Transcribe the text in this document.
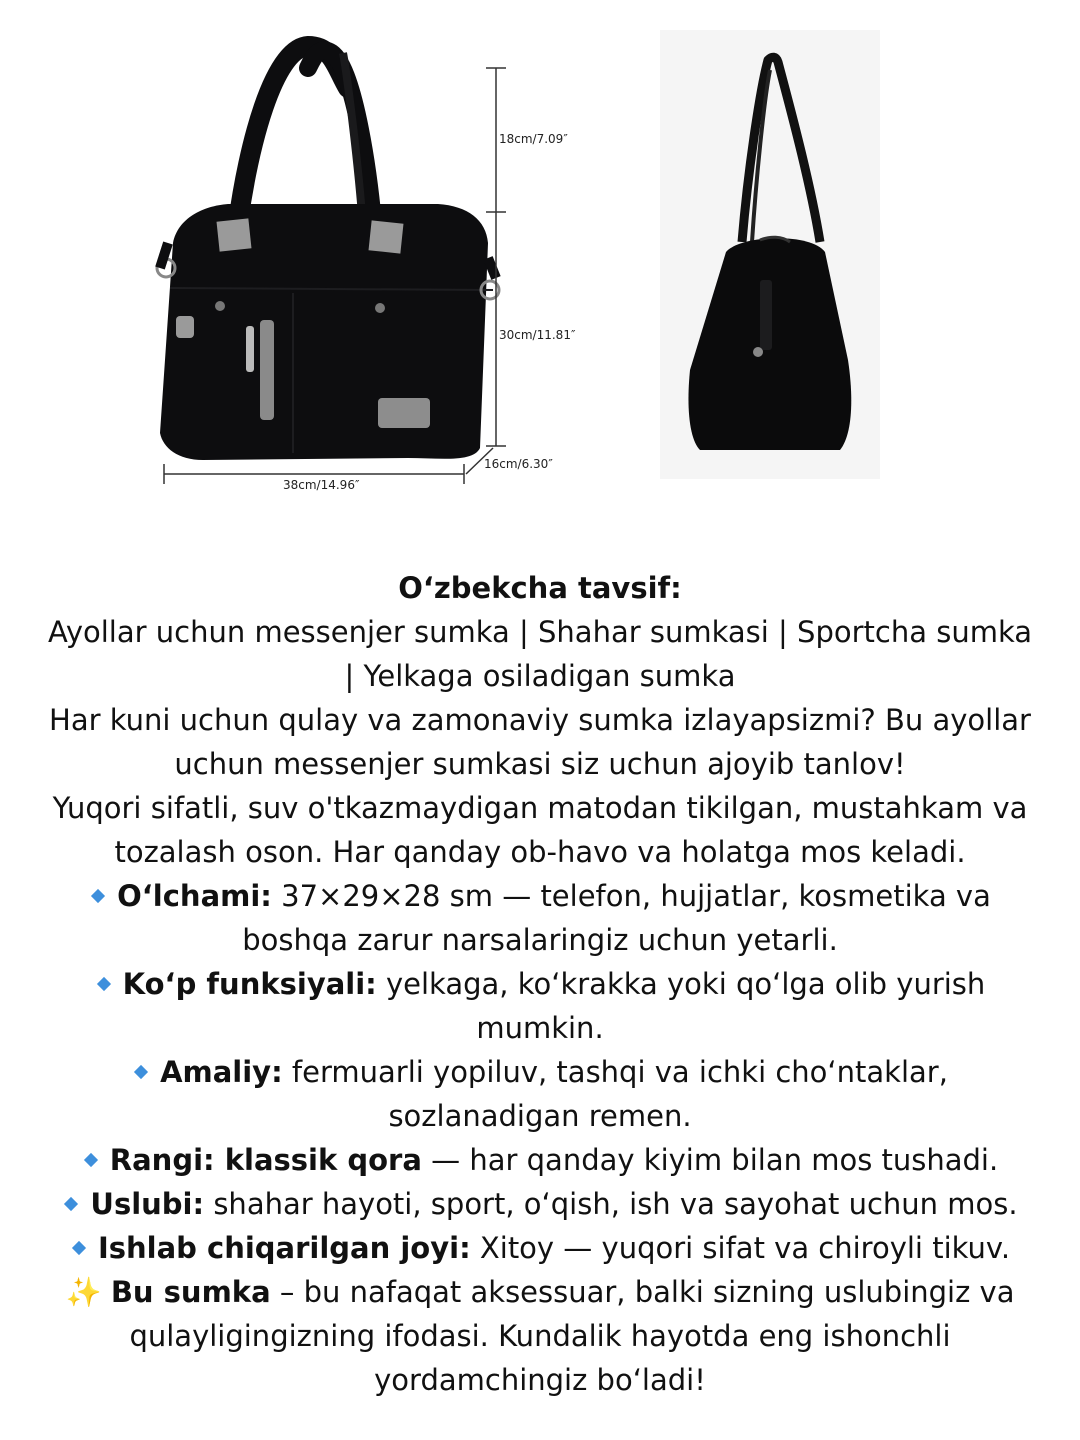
18cm/7.09″
30cm/11.81″
16cm/6.30″
38cm/14.96″

O‘zbekcha tavsif:

Ayollar uchun messenjer sumka | Shahar sumkasi | Sportcha sumka | Yelkaga osiladigan sumka

Har kuni uchun qulay va zamonaviy sumka izlayapsizmi? Bu ayollar uchun messenjer sumkasi siz uchun ajoyib tanlov!

Yuqori sifatli, suv o'tkazmaydigan matodan tikilgan, mustahkam va tozalash oson. Har qanday ob-havo va holatga mos keladi.

O‘lchami: 37×29×28 sm — telefon, hujjatlar, kosmetika va boshqa zarur narsalaringiz uchun yetarli.

Ko‘p funksiyali: yelkaga, ko‘krakka yoki qo‘lga olib yurish mumkin.

Amaliy: fermuarli yopiluv, tashqi va ichki cho‘ntaklar, sozlanadigan remen.

Rangi: klassik qora — har qanday kiyim bilan mos tushadi.

Uslubi: shahar hayoti, sport, o‘qish, ish va sayohat uchun mos.

Ishlab chiqarilgan joyi: Xitoy — yuqori sifat va chiroyli tikuv.

✨ Bu sumka – bu nafaqat aksessuar, balki sizning uslubingiz va qulayligingizning ifodasi. Kundalik hayotda eng ishonchli yordamchingiz bo‘ladi!
